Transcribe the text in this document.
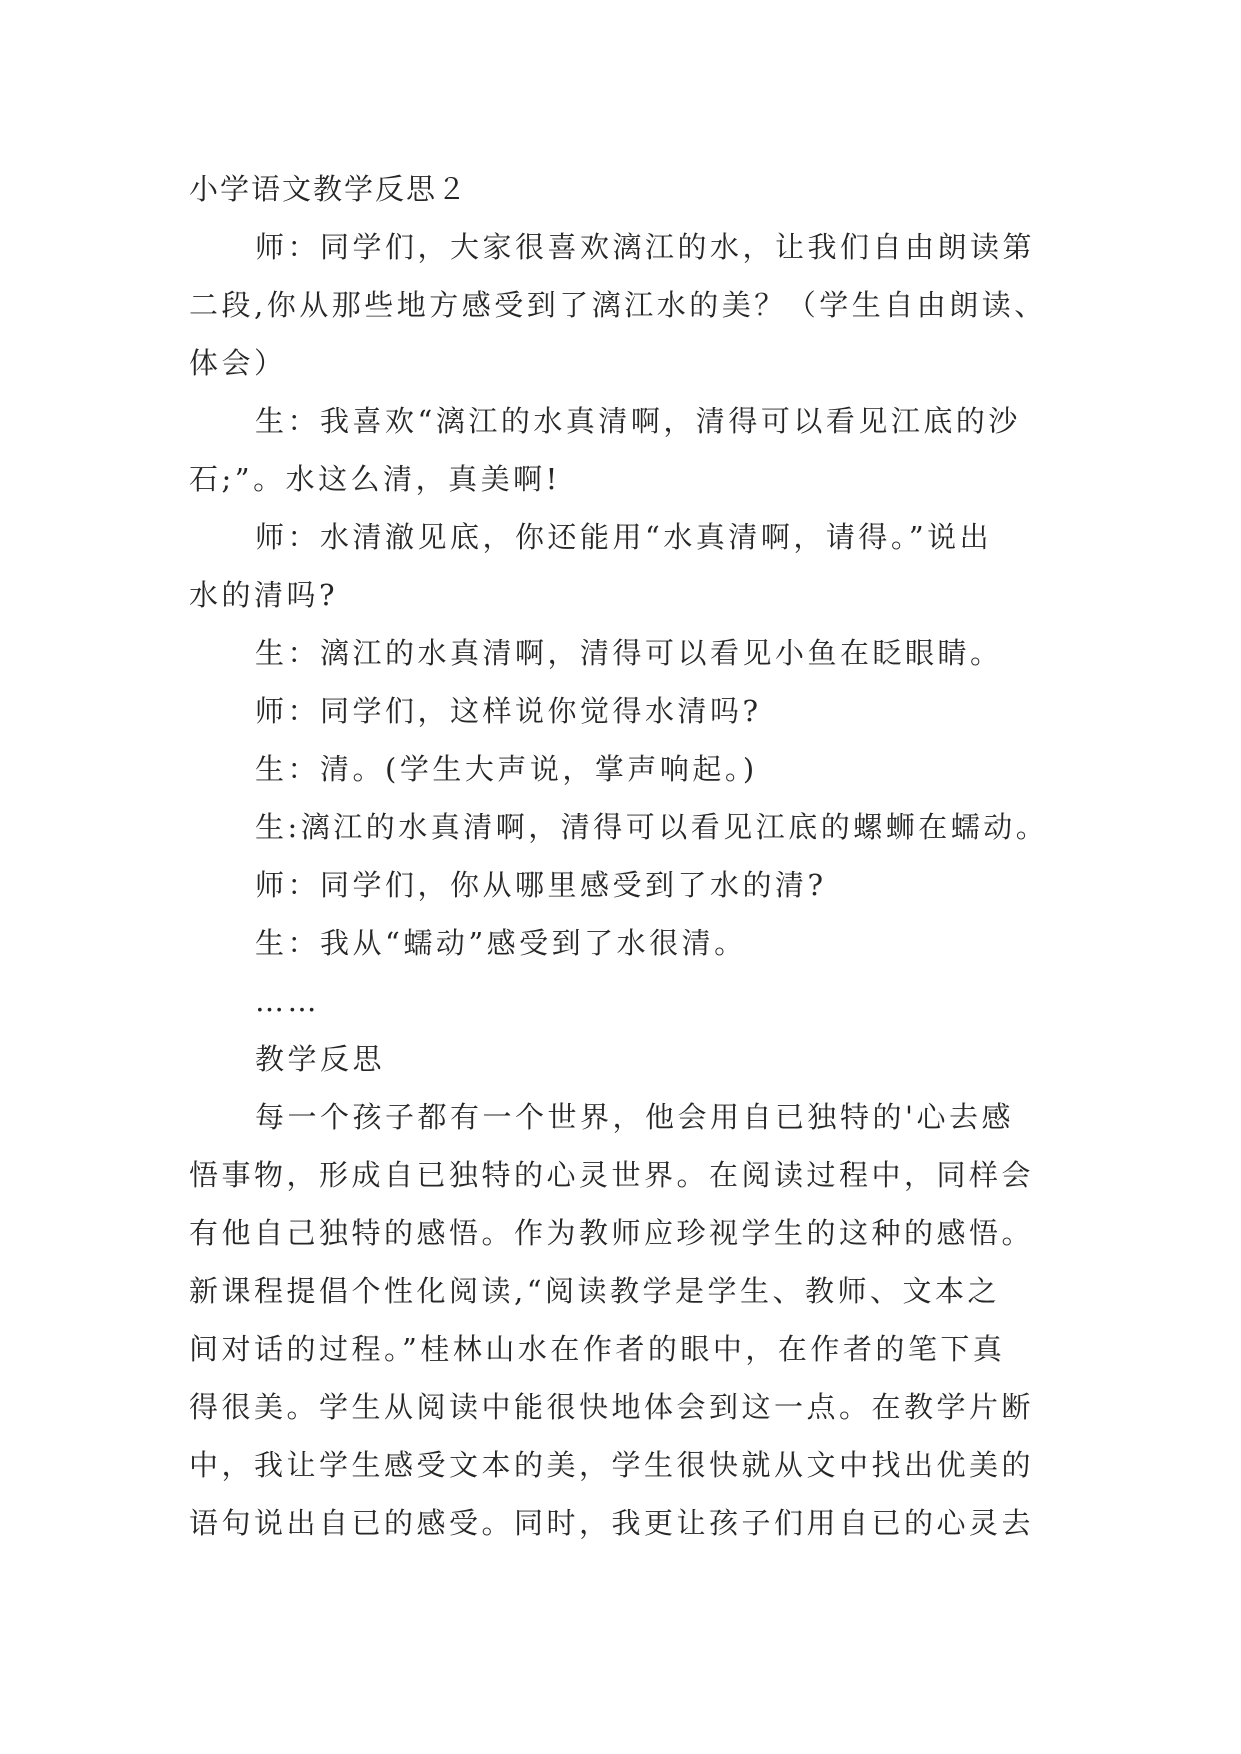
小学语文教学反思２
师：同学们，大家很喜欢漓江的水，让我们自由朗读第
二段,你从那些地方感受到了漓江水的美？（学生自由朗读、
体会）
生：我喜欢“漓江的水真清啊，清得可以看见江底的沙
石;”。水这么清，真美啊!
师：水清澈见底，你还能用“水真清啊，请得。”说出
水的清吗?
生：漓江的水真清啊，清得可以看见小鱼在眨眼睛。
师：同学们，这样说你觉得水清吗?
生：清。(学生大声说，掌声响起。)
生:漓江的水真清啊，清得可以看见江底的螺蛳在蠕动。
师：同学们，你从哪里感受到了水的清?
生：我从“蠕动”感受到了水很清。
……
教学反思
每一个孩子都有一个世界，他会用自已独特的'心去感
悟事物，形成自已独特的心灵世界。在阅读过程中，同样会
有他自己独特的感悟。作为教师应珍视学生的这种的感悟。
新课程提倡个性化阅读,“阅读教学是学生、教师、文本之
间对话的过程。”桂林山水在作者的眼中，在作者的笔下真
得很美。学生从阅读中能很快地体会到这一点。在教学片断
中，我让学生感受文本的美，学生很快就从文中找出优美的
语句说出自已的感受。同时，我更让孩子们用自已的心灵去
